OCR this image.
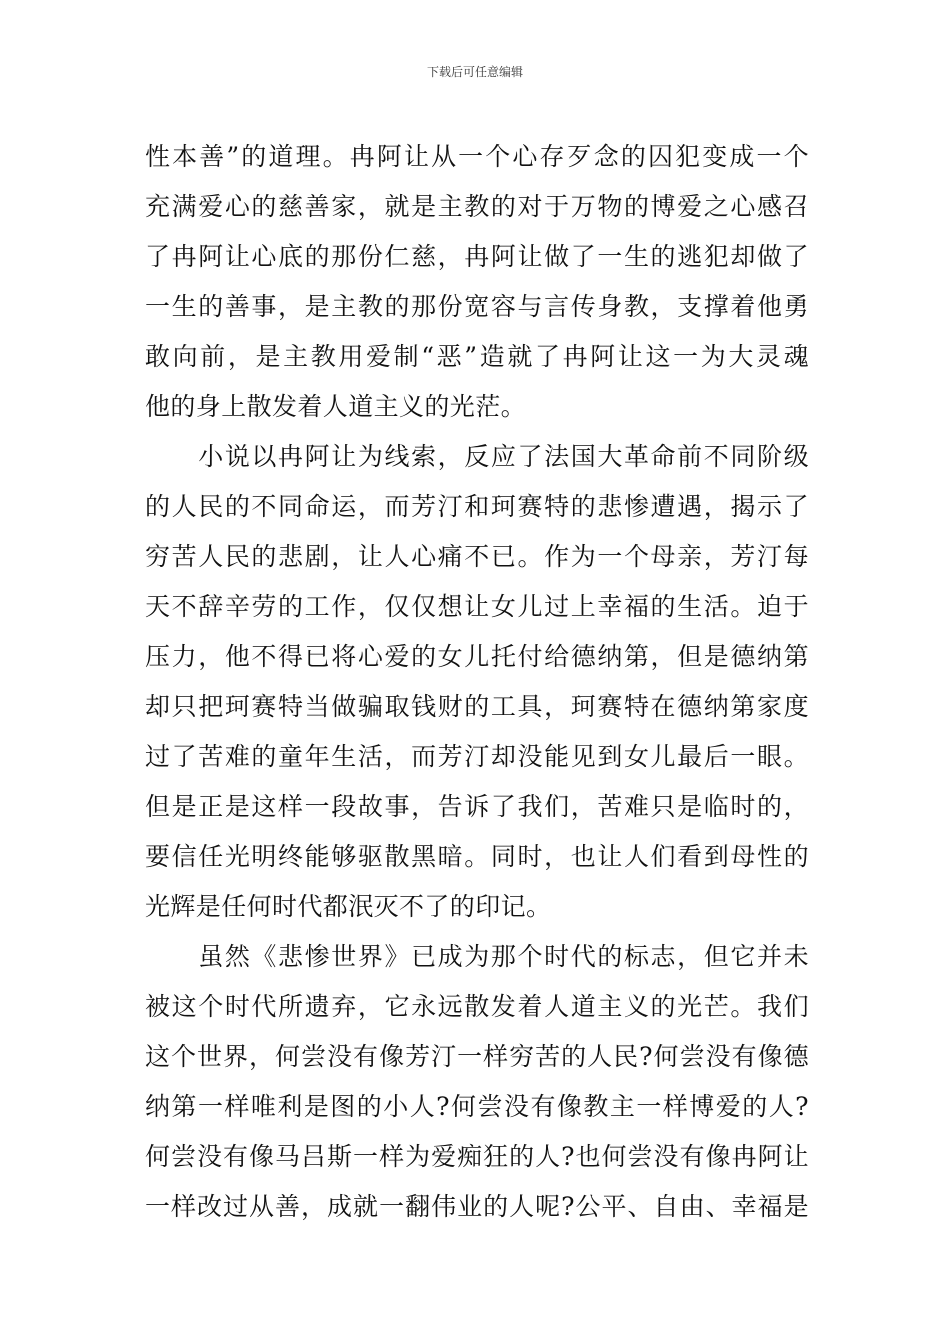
下载后可任意编辑
性本善”的道理。冉阿让从一个心存歹念的囚犯变成一个
充满爱心的慈善家，就是主教的对于万物的博爱之心感召
了冉阿让心底的那份仁慈，冉阿让做了一生的逃犯却做了
一生的善事，是主教的那份宽容与言传身教，支撑着他勇
敢向前，是主教用爱制“恶”造就了冉阿让这一为大灵魂
他的身上散发着人道主义的光茫。
　　小说以冉阿让为线索，反应了法国大革命前不同阶级
的人民的不同命运，而芳汀和珂赛特的悲惨遭遇，揭示了
穷苦人民的悲剧，让人心痛不已。作为一个母亲，芳汀每
天不辞辛劳的工作，仅仅想让女儿过上幸福的生活。迫于
压力，他不得已将心爱的女儿托付给德纳第，但是德纳第
却只把珂赛特当做骗取钱财的工具，珂赛特在德纳第家度
过了苦难的童年生活，而芳汀却没能见到女儿最后一眼。
但是正是这样一段故事，告诉了我们，苦难只是临时的，
要信任光明终能够驱散黑暗。同时，也让人们看到母性的
光辉是任何时代都泯灭不了的印记。
　　虽然《悲惨世界》已成为那个时代的标志，但它并未
被这个时代所遗弃，它永远散发着人道主义的光芒。我们
这个世界，何尝没有像芳汀一样穷苦的人民?何尝没有像德
纳第一样唯利是图的小人?何尝没有像教主一样博爱的人?
何尝没有像马吕斯一样为爱痴狂的人?也何尝没有像冉阿让
一样改过从善，成就一翻伟业的人呢?公平、自由、幸福是
